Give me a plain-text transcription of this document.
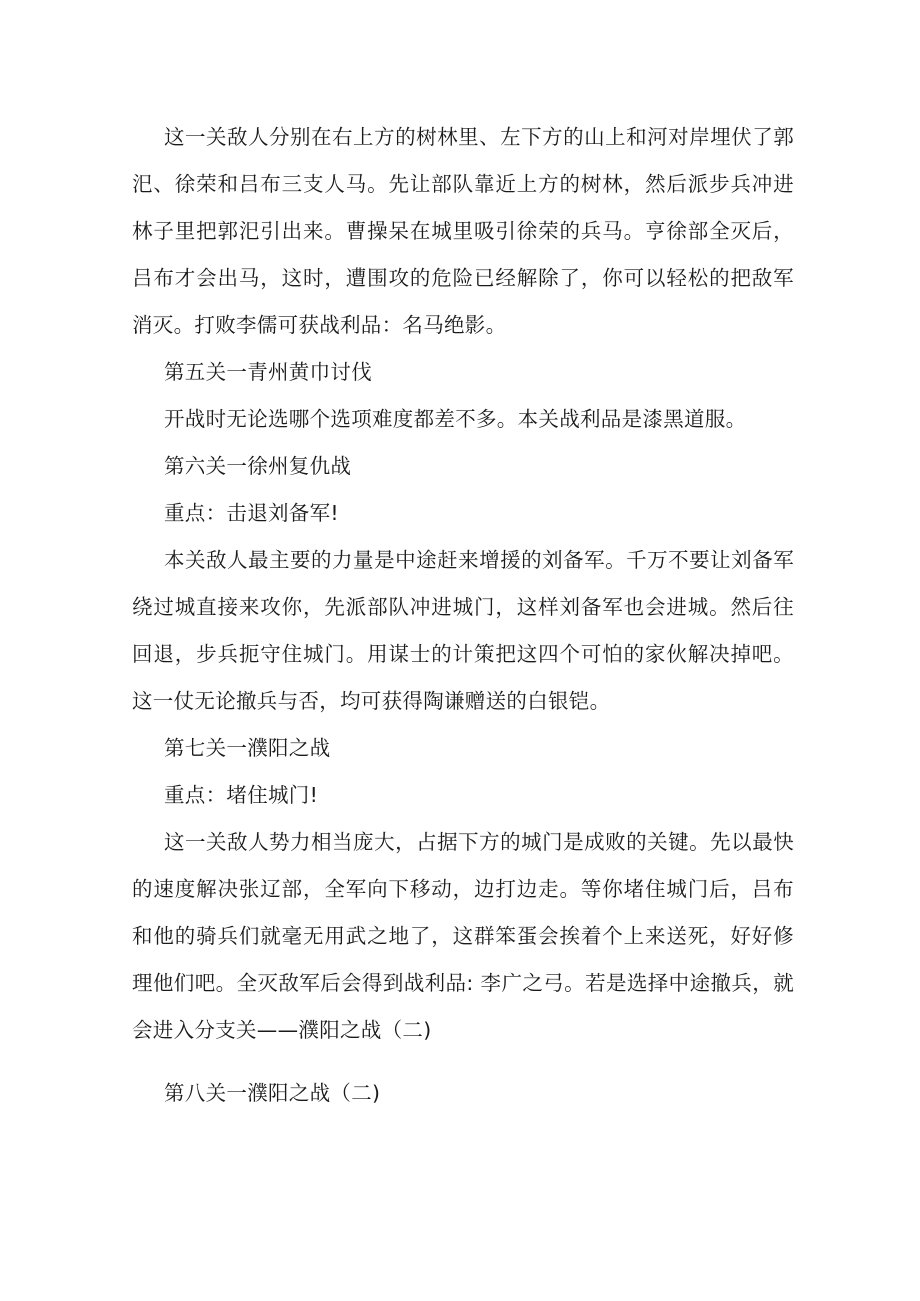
这一关敌人分别在右上方的树林里、左下方的山上和河对岸埋伏了郭汜、徐荣和吕布三支人马。先让部队靠近上方的树林，然后派步兵冲进林子里把郭汜引出来。曹操呆在城里吸引徐荣的兵马。亨徐部全灭后，吕布才会出马，这时，遭围攻的危险已经解除了，你可以轻松的把敌军消灭。打败李儒可获战利品：名马绝影。

第五关一青州黄巾讨伐

开战时无论选哪个选项难度都差不多。本关战利品是漆黑道服。

第六关一徐州复仇战

重点：击退刘备军!

本关敌人最主要的力量是中途赶来增援的刘备军。千万不要让刘备军绕过城直接来攻你，先派部队冲进城门，这样刘备军也会进城。然后往回退，步兵扼守住城门。用谋士的计策把这四个可怕的家伙解决掉吧。这一仗无论撤兵与否，均可获得陶谦赠送的白银铠。

第七关一濮阳之战

重点：堵住城门!

这一关敌人势力相当庞大，占据下方的城门是成败的关键。先以最快的速度解决张辽部，全军向下移动，边打边走。等你堵住城门后，吕布和他的骑兵们就毫无用武之地了，这群笨蛋会挨着个上来送死，好好修理他们吧。全灭敌军后会得到战利品: 李广之弓。若是选择中途撤兵，就会进入分支关——濮阳之战（二)

第八关一濮阳之战（二)
